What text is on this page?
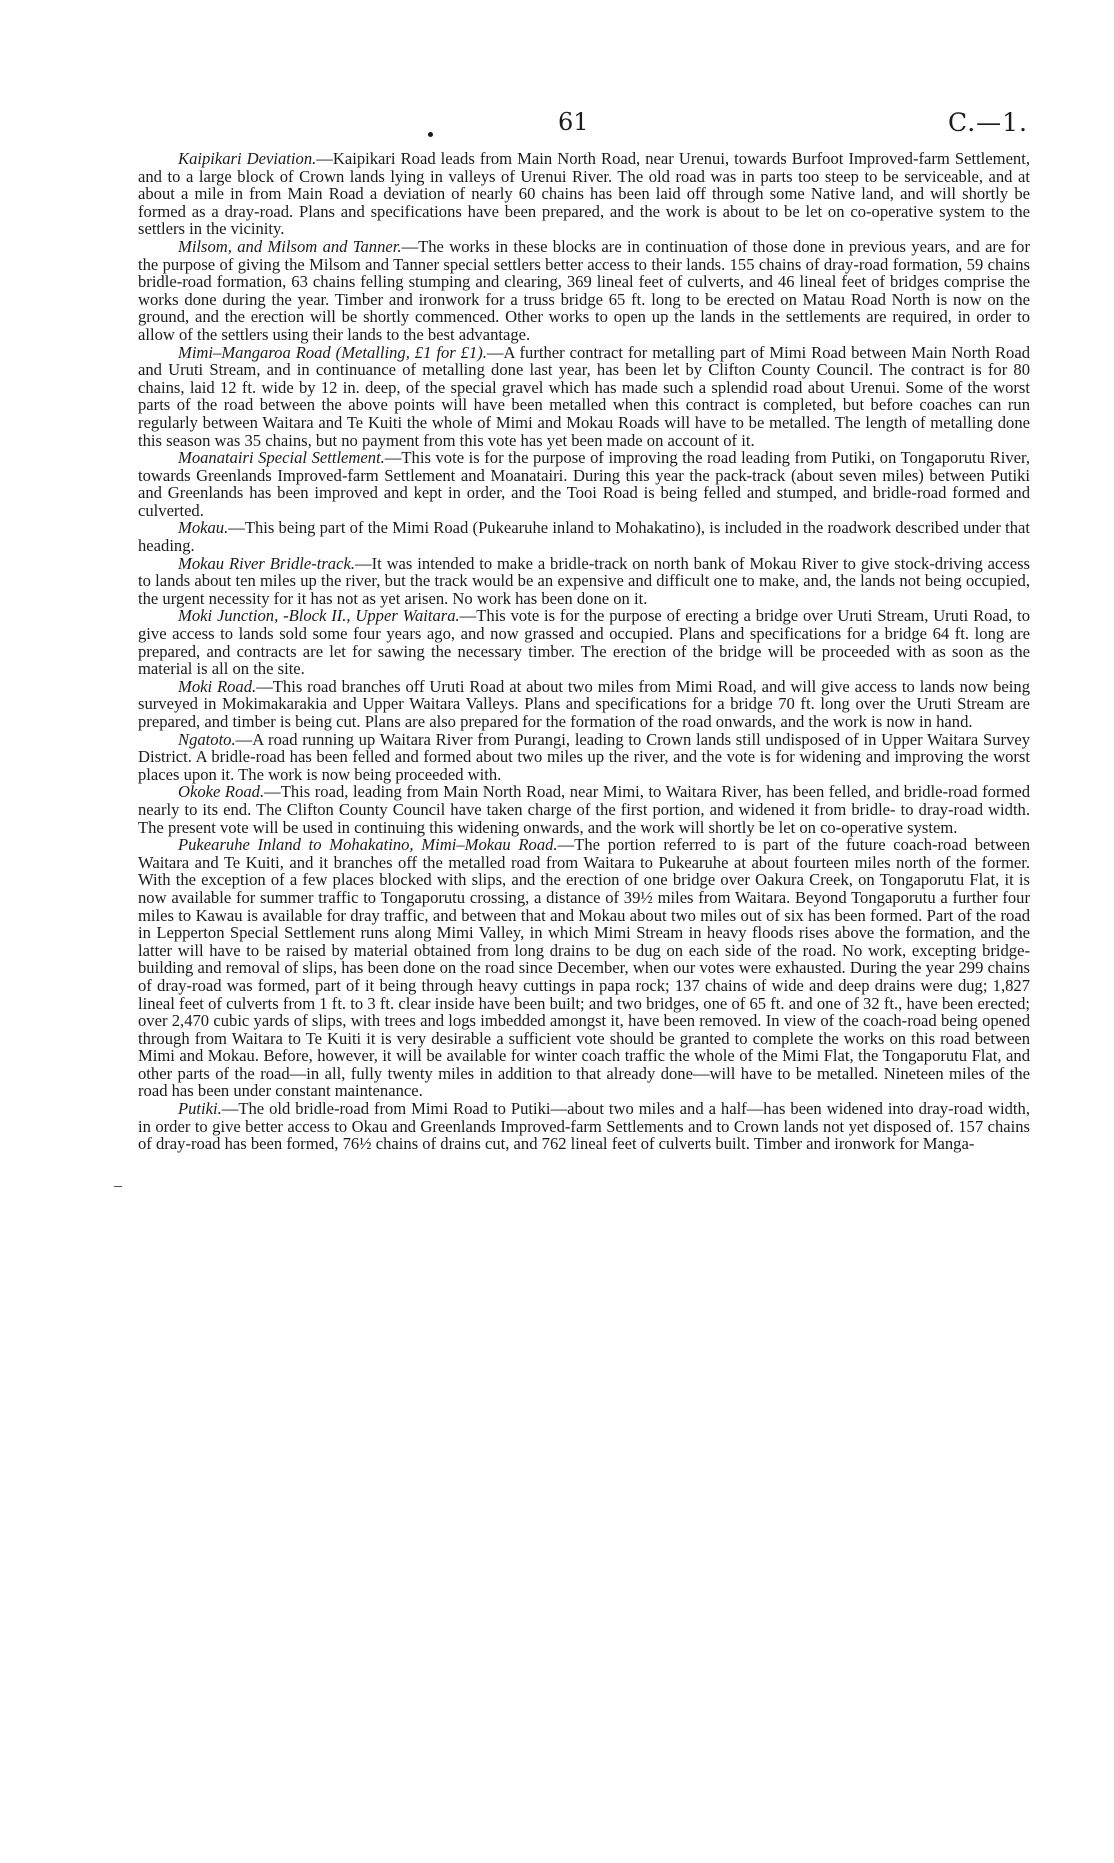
61	C.—1.

Kaipikari Deviation.—Kaipikari Road leads from Main North Road, near Urenui, towards Burfoot Improved-farm Settlement, and to a large block of Crown lands lying in valleys of Urenui River. The old road was in parts too steep to be serviceable, and at about a mile in from Main Road a deviation of nearly 60 chains has been laid off through some Native land, and will shortly be formed as a dray-road. Plans and specifications have been prepared, and the work is about to be let on co-operative system to the settlers in the vicinity.

Milsom, and Milsom and Tanner.—The works in these blocks are in continuation of those done in previous years, and are for the purpose of giving the Milsom and Tanner special settlers better access to their lands. 155 chains of dray-road formation, 59 chains bridle-road formation, 63 chains felling stumping and clearing, 369 lineal feet of culverts, and 46 lineal feet of bridges comprise the works done during the year. Timber and ironwork for a truss bridge 65 ft. long to be erected on Matau Road North is now on the ground, and the erection will be shortly commenced. Other works to open up the lands in the settlements are required, in order to allow of the settlers using their lands to the best advantage.

Mimi–Mangaroa Road (Metalling, £1 for £1).—A further contract for metalling part of Mimi Road between Main North Road and Uruti Stream, and in continuance of metalling done last year, has been let by Clifton County Council. The contract is for 80 chains, laid 12 ft. wide by 12 in. deep, of the special gravel which has made such a splendid road about Urenui. Some of the worst parts of the road between the above points will have been metalled when this contract is completed, but before coaches can run regularly between Waitara and Te Kuiti the whole of Mimi and Mokau Roads will have to be metalled. The length of metalling done this season was 35 chains, but no payment from this vote has yet been made on account of it.

Moanatairi Special Settlement.—This vote is for the purpose of improving the road leading from Putiki, on Tongaporutu River, towards Greenlands Improved-farm Settlement and Moanatairi. During this year the pack-track (about seven miles) between Putiki and Greenlands has been improved and kept in order, and the Tooi Road is being felled and stumped, and bridle-road formed and culverted.

Mokau.—This being part of the Mimi Road (Pukearuhe inland to Mohakatino), is included in the roadwork described under that heading.

Mokau River Bridle-track.—It was intended to make a bridle-track on north bank of Mokau River to give stock-driving access to lands about ten miles up the river, but the track would be an expensive and difficult one to make, and, the lands not being occupied, the urgent necessity for it has not as yet arisen. No work has been done on it.

Moki Junction, -Block II., Upper Waitara.—This vote is for the purpose of erecting a bridge over Uruti Stream, Uruti Road, to give access to lands sold some four years ago, and now grassed and occupied. Plans and specifications for a bridge 64 ft. long are prepared, and contracts are let for sawing the necessary timber. The erection of the bridge will be proceeded with as soon as the material is all on the site.

Moki Road.—This road branches off Uruti Road at about two miles from Mimi Road, and will give access to lands now being surveyed in Mokimakarakia and Upper Waitara Valleys. Plans and specifications for a bridge 70 ft. long over the Uruti Stream are prepared, and timber is being cut. Plans are also prepared for the formation of the road onwards, and the work is now in hand.

Ngatoto.—A road running up Waitara River from Purangi, leading to Crown lands still undisposed of in Upper Waitara Survey District. A bridle-road has been felled and formed about two miles up the river, and the vote is for widening and improving the worst places upon it. The work is now being proceeded with.

Okoke Road.—This road, leading from Main North Road, near Mimi, to Waitara River, has been felled, and bridle-road formed nearly to its end. The Clifton County Council have taken charge of the first portion, and widened it from bridle- to dray-road width. The present vote will be used in continuing this widening onwards, and the work will shortly be let on co-operative system.

Pukearuhe Inland to Mohakatino, Mimi–Mokau Road.—The portion referred to is part of the future coach-road between Waitara and Te Kuiti, and it branches off the metalled road from Waitara to Pukearuhe at about fourteen miles north of the former. With the exception of a few places blocked with slips, and the erection of one bridge over Oakura Creek, on Tongaporutu Flat, it is now available for summer traffic to Tongaporutu crossing, a distance of 39½ miles from Waitara. Beyond Tongaporutu a further four miles to Kawau is available for dray traffic, and between that and Mokau about two miles out of six has been formed. Part of the road in Lepperton Special Settlement runs along Mimi Valley, in which Mimi Stream in heavy floods rises above the formation, and the latter will have to be raised by material obtained from long drains to be dug on each side of the road. No work, excepting bridge-building and removal of slips, has been done on the road since December, when our votes were exhausted. During the year 299 chains of dray-road was formed, part of it being through heavy cuttings in papa rock; 137 chains of wide and deep drains were dug; 1,827 lineal feet of culverts from 1 ft. to 3 ft. clear inside have been built; and two bridges, one of 65 ft. and one of 32 ft., have been erected; over 2,470 cubic yards of slips, with trees and logs imbedded amongst it, have been removed. In view of the coach-road being opened through from Waitara to Te Kuiti it is very desirable a sufficient vote should be granted to complete the works on this road between Mimi and Mokau. Before, however, it will be available for winter coach traffic the whole of the Mimi Flat, the Tongaporutu Flat, and other parts of the road—in all, fully twenty miles in addition to that already done—will have to be metalled. Nineteen miles of the road has been under constant maintenance.

Putiki.—The old bridle-road from Mimi Road to Putiki—about two miles and a half—has been widened into dray-road width, in order to give better access to Okau and Greenlands Improved-farm Settlements and to Crown lands not yet disposed of. 157 chains of dray-road has been formed, 76½ chains of drains cut, and 762 lineal feet of culverts built. Timber and ironwork for Manga-
